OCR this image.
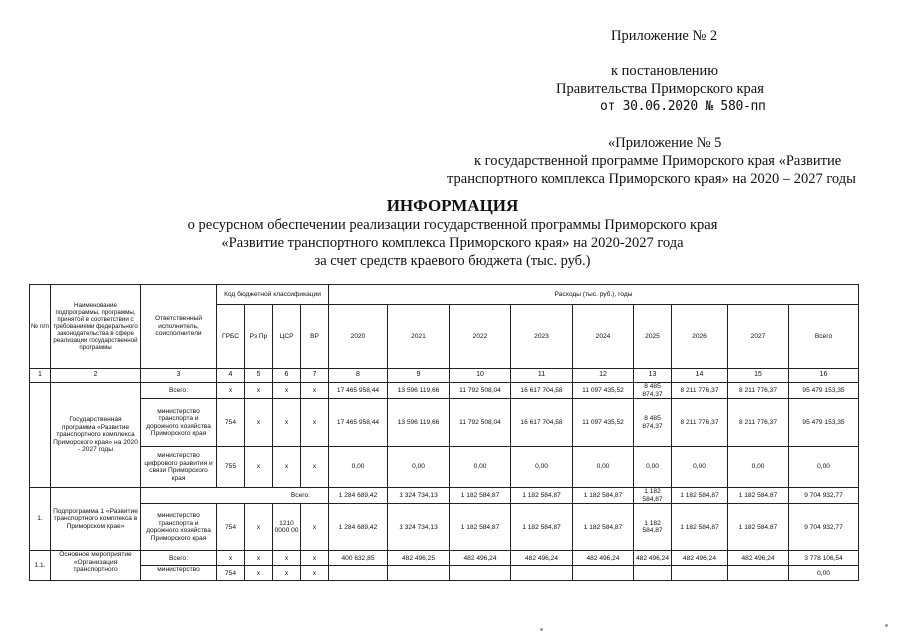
Приложение № 2
к постановлению
Правительства Приморского края
от 30.06.2020 № 580-пп
«Приложение № 5
к государственной программе Приморского края «Развитие
транспортного комплекса Приморского края» на 2020 – 2027 годы
ИНФОРМАЦИЯ
о ресурсном обеспечении реализации государственной программы Приморского края
«Развитие транспортного комплекса Приморского края» на 2020-2027 года
за счет средств краевого бюджета (тыс. руб.)
№ п/п	Наименование подпрограммы, программы, принятой в соответствии с требованиями федерального законодательства в сфере реализации государственной программы	Ответственный исполнитель, соисполнители	Код бюджетной классификации				Расходы (тыс. руб.), годы								
			ГРБС	Рз Пр	ЦСР	ВР	2020	2021	2022	2023	2024	2025	2026	2027	Всего
1	2	3	4	5	6	7	8	9	10	11	12	13	14	15	16
	Государственная программа «Развитие транспортного комплекса Приморского края» на 2020 - 2027 годы	Всего:	x	x	x	x	17 465 958,44	13 596 119,66	11 792 508,04	16 617 704,58	11 097 435,52	8 485 874,37	8 211 776,37	8 211 776,37	95 479 153,35
		министерство транспорта и дорожного хозяйства Приморского края	754	x	x	x	17 465 958,44	13 596 119,66	11 792 508,04	16 617 704,58	11 097 435,52	8 485 874,37	8 211 776,37	8 211 776,37	95 479 153,35
		министерство цифрового развития и связи Приморского края	755	x	x	x	0,00	0,00	0,00	0,00	0,00	0,00	0,00	0,00	0,00
1.	Подпрограмма 1 «Развитие транспортного комплекса в Приморском крае»	Всего:					1 284 689,42	1 324 734,13	1 182 584,87	1 182 584,87	1 182 584,87	1 182 584,87	1 182 584,87	1 182 584,87	9 704 932,77
		министерство транспорта и дорожного хозяйства Приморского края	754	x	1210 0000 00	x	1 284 689,42	1 324 734,13	1 182 584,87	1 182 584,87	1 182 584,87	1 182 584,87	1 182 584,87	1 182 584,87	9 704 932,77
1.1.	Основное мероприятие «Организация транспортного	Всего:	x	x	x	x	400 632,85	482 496,25	482 496,24	482 496,24	482 496,24	482 496,24	482 496,24	482 496,24	3 778 106,54
		министерство	754	x	x	x									0,00
